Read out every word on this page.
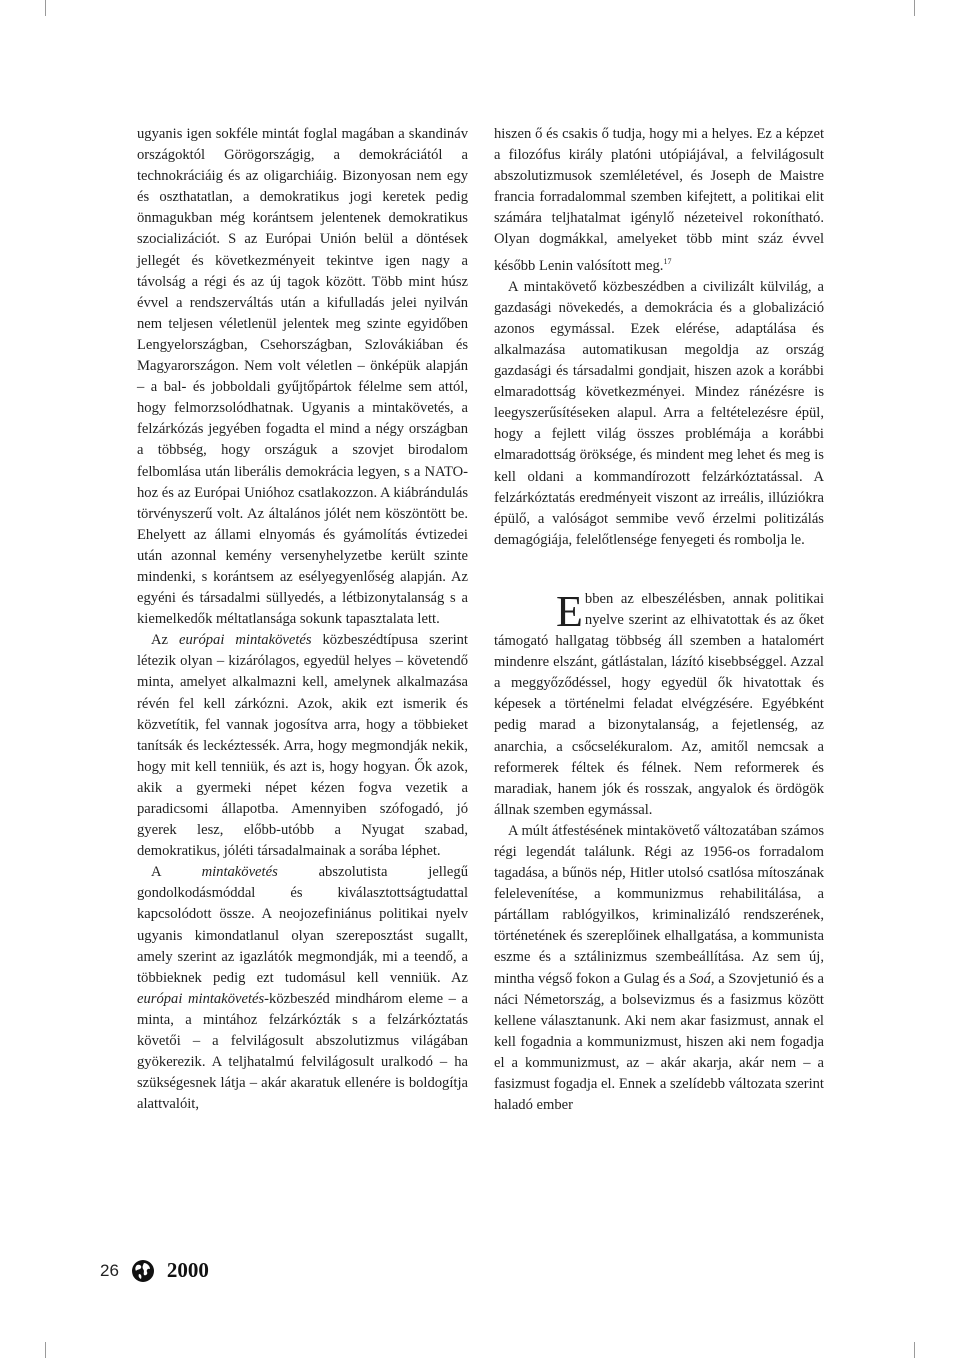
ugyanis igen sokféle mintát foglal magában a skandináv országoktól Görögországig, a demokráciától a technokráciáig és az oligarchiáig. Bizonyosan nem egy és oszthatatlan, a demokratikus jogi keretek pedig önmagukban még korántsem jelentenek demokratikus szocializációt. S az Európai Unión belül a döntések jellegét és következményeit tekintve igen nagy a távolság a régi és az új tagok között. Több mint húsz évvel a rendszerváltás után a kifulladás jelei nyilván nem teljesen véletlenül jelentek meg szinte egyidőben Lengyelországban, Csehországban, Szlovákiában és Magyarországon. Nem volt véletlen – önképük alapján – a bal- és jobboldali gyűjtőpártok félelme sem attól, hogy felmorzsolódhatnak. Ugyanis a mintakövetés, a felzárkózás jegyében fogadta el mind a négy országban a többség, hogy országuk a szovjet birodalom felbomlása után liberális demokrácia legyen, s a NATO-hoz és az Európai Unióhoz csatlakozzon. A kiábrándulás törvényszerű volt. Az általános jólét nem köszöntött be. Ehelyett az állami elnyomás és gyámolítás évtizedei után azonnal kemény versenyhelyzetbe került szinte mindenki, s korántsem az esélyegyenlőség alapján. Az egyéni és társadalmi süllyedés, a létbizonytalanság s a kiemelkedők méltatlansága sokunk tapasztalata lett.

Az európai mintakövetés közbeszédtípusa szerint létezik olyan – kizárólagos, egyedül helyes – követendő minta, amelyet alkalmazni kell, amelynek alkalmazása révén fel kell zárkózni. Azok, akik ezt ismerik és közvetítik, fel vannak jogosítva arra, hogy a többieket tanítsák és leckéztessék. Arra, hogy megmondják nekik, hogy mit kell tenniük, és azt is, hogy hogyan. Ők azok, akik a gyermeki népet kézen fogva vezetik a paradicsomi állapotba. Amennyiben szófogadó, jó gyerek lesz, előbb-utóbb a Nyugat szabad, demokratikus, jóléti társadalmainak a sorába léphet.

A mintakövetés abszolutista jellegű gondolkodásmóddal és kiválasztottságtudattal kapcsolódott össze. A neojozefiniánus politikai nyelv ugyanis kimondatlanul olyan szereposztást sugallt, amely szerint az igazlátók megmondják, mi a teendő, a többieknek pedig ezt tudomásul kell venniük. Az európai mintakövetés-közbeszéd mindhárom eleme – a minta, a mintához felzárkózták s a felzárkóztatás követői – a felvilágosult abszolutizmus világában gyökerezik. A teljhatalmú felvilágosult uralkodó – ha szükségesnek látja – akár akaratuk ellenére is boldogítja alattvalóit,

hiszen ő és csakis ő tudja, hogy mi a helyes. Ez a képzet a filozófus király platóni utópiájával, a felvilágosult abszolutizmusok szemléletével, és Joseph de Maistre francia forradalommal szemben kifejtett, a politikai elit számára teljhatalmat igénylő nézeteivel rokonítható. Olyan dogmákkal, amelyeket több mint száz évvel később Lenin valósított meg.$^{17}$

A mintakövető közbeszédben a civilizált külvilág, a gazdasági növekedés, a demokrácia és a globalizáció azonos egymással. Ezek elérése, adaptálása és alkalmazása automatikusan megoldja az ország gazdasági és társadalmi gondjait, hiszen azok a korábbi elmaradottság következményei. Mindez ránézésre is leegyszerűsítéseken alapul. Arra a feltételezésre épül, hogy a fejlett világ összes problémája a korábbi elmaradottság öröksége, és mindent meg lehet és meg is kell oldani a kommandírozott felzárkóztatással. A felzárkóztatás eredményeit viszont az irreális, illúziókra épülő, a valóságot semmibe vevő érzelmi politizálás demagógiája, felelőtlensége fenyegeti és rombolja le.

Ebben az elbeszélésben, annak politikai nyelve szerint az elhivatottak és az őket támogató hallgatag többség áll szemben a hatalomért mindenre elszánt, gátlástalan, lázító kisebbséggel. Azzal a meggyőződéssel, hogy egyedül ők hivatottak és képesek a történelmi feladat elvégzésére. Egyébként pedig marad a bizonytalanság, a fejetlenség, az anarchia, a csőcselékuralom. Az, amitől nemcsak a reformerek féltek és félnek. Nem reformerek és maradiak, hanem jók és rosszak, angyalok és ördögök állnak szemben egymással.

A múlt átfestésének mintakövető változatában számos régi legendát találunk. Régi az 1956-os forradalom tagadása, a bűnös nép, Hitler utolsó csatlósa mítoszának felelevenítése, a kommunizmus rehabilitálása, a pártállam rablógyilkos, kriminalizáló rendszerének, történetének és szereplőinek elhallgatása, a kommunista eszme és a sztálinizmus szembeállítása. Az sem új, mintha végső fokon a Gulag és a Soá, a Szovjetunió és a náci Németország, a bolsevizmus és a fasizmus között kellene választanunk. Aki nem akar fasizmust, annak el kell fogadnia a kommunizmust, hiszen aki nem fogadja el a kommunizmust, az – akár akarja, akár nem – a fasizmust fogadja el. Ennek a szelídebb változata szerint haladó ember

26 2000
